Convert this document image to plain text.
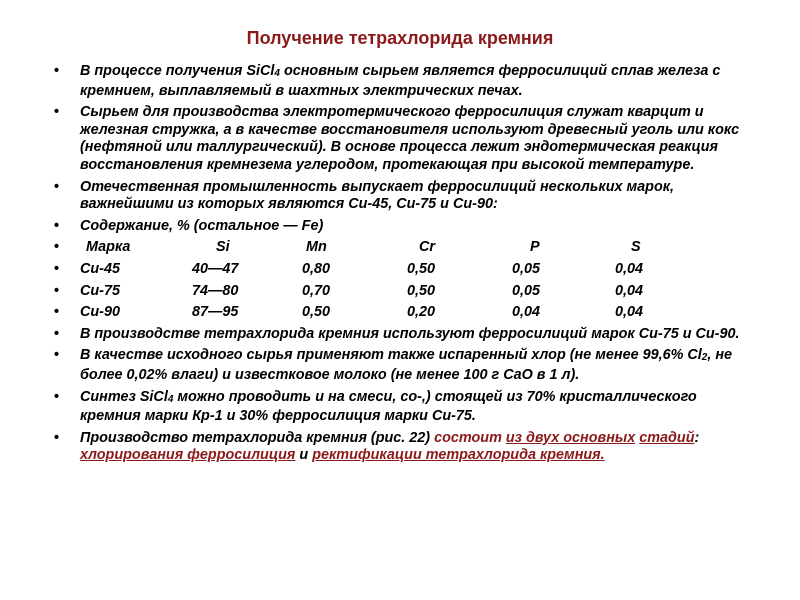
Получение тетрахлорида кремния
• В процессе получения SiCl$_4$ основным сырьем является ферросилиций сплав железа с кремнием, выплавляемый в шахтных электрических печах.
• Сырьем для производства электротермического ферросилиция служат кварцит и железная стружка, а в качестве восстановителя используют древесный уголь или кокс (нефтяной или таллургический). В основе процесса лежит эндотермическая реакция восстановления кремнезема углеродом, протекающая при высокой температуре.
• Отечественная промышленность выпускает ферросилиций нескольких марок, важнейшими из которых являются Си-45, Си-75 и Си-90:
• Содержание, % (остальное — Fe)
•	Марка	Si	Mn	Cr	P	S
• Си-45	40—47	0,80	0,50	0,05	0,04
• Си-75	74—80	0,70	0,50	0,05	0,04
• Си-90	87—95	0,50	0,20	0,04	0,04
• В производстве тетрахлорида кремния используют ферросилиций марок Си-75 и Си-90.
• В качестве исходного сырья применяют также испаренный хлор (не менее 99,6% $Cl_2$, не более 0,02% влаги) и известковое молоко (не менее 100 г CaO в 1 л).
• Синтез SiCl$_4$ можно проводить и на смеси, со-,) стоящей из 70% кристаллического кремния марки Кр-1 и 30% ферросилиция марки Си-75.
• Производство тетрахлорида кремния (рис. 22) состоит из двух основных стадий: хлорирования ферросилиция и ректификации тетрахлорида кремния.
